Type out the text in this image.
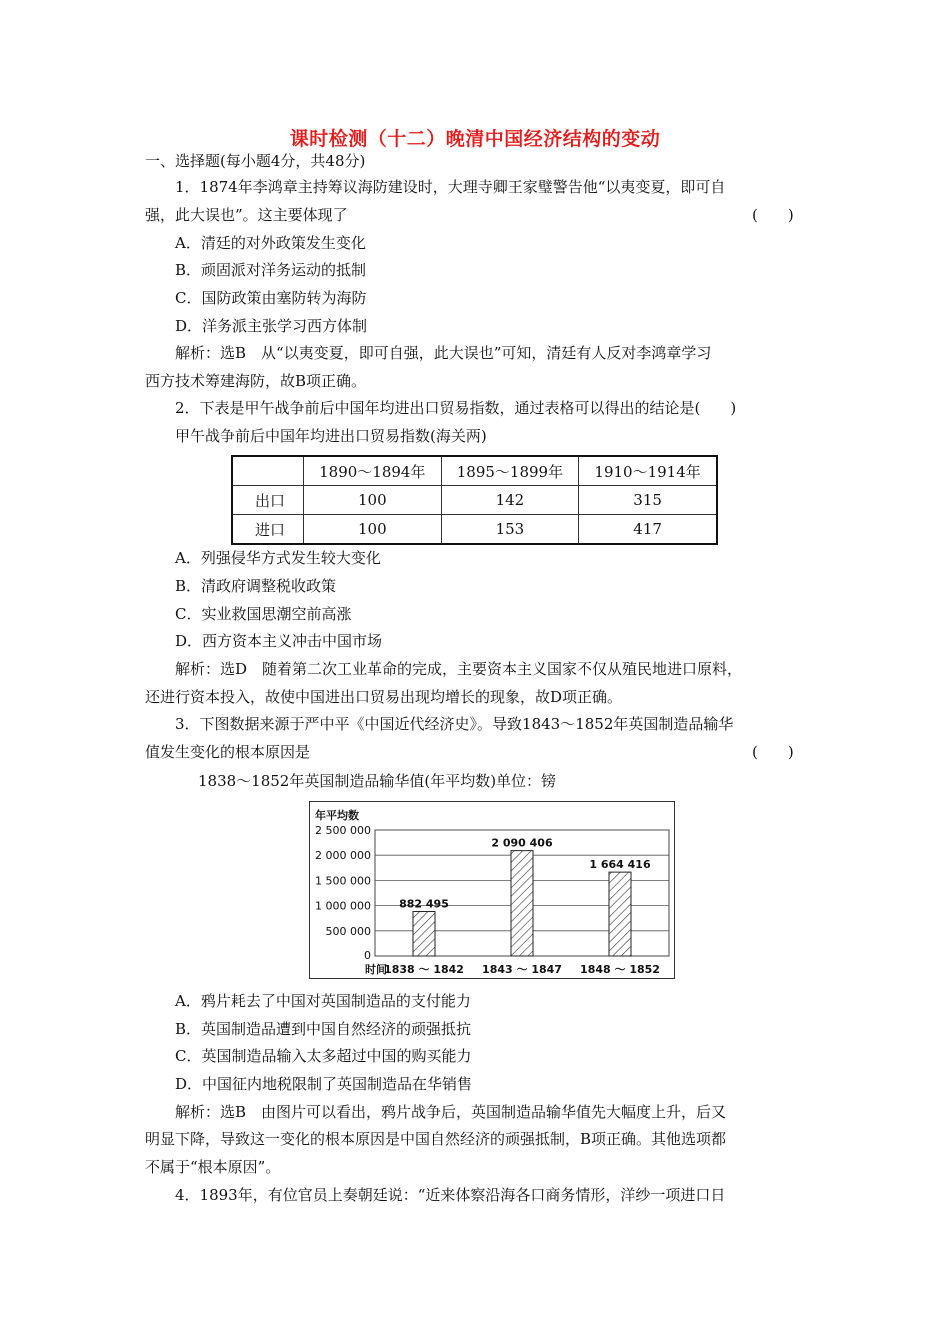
课时检测（十二）晚清中国经济结构的变动
一、选择题(每小题4分，共48分)
1．1874年李鸿章主持筹议海防建设时，大理寺卿王家璧警告他“以夷变夏，即可自
强，此大误也”。这主要体现了	(　　)
A．清廷的对外政策发生变化
B．顽固派对洋务运动的抵制
C．国防政策由塞防转为海防
D．洋务派主张学习西方体制
解析：选B　从“以夷变夏，即可自强，此大误也”可知，清廷有人反对李鸿章学习
西方技术筹建海防，故B项正确。
2．下表是甲午战争前后中国年均进出口贸易指数，通过表格可以得出的结论是(　　)
甲午战争前后中国年均进出口贸易指数(海关两)
	1890～1894年	1895～1899年	1910～1914年
出口	100	142	315
进口	100	153	417
A．列强侵华方式发生较大变化
B．清政府调整税收政策
C．实业救国思潮空前高涨
D．西方资本主义冲击中国市场
解析：选D　随着第二次工业革命的完成，主要资本主义国家不仅从殖民地进口原料，
还进行资本投入，故使中国进出口贸易出现均增长的现象，故D项正确。
3．下图数据来源于严中平《中国近代经济史》。导致1843～1852年英国制造品输华
值发生变化的根本原因是	(　　)
1838～1852年英国制造品输华值(年平均数)单位：镑
0
500 000
1 000 000
1 500 000
2 000 000
2 500 000
年平均数
时间
882 495
1838 ～ 1842
2 090 406
1843 ～ 1847
1 664 416
1848 ～ 1852
A．鸦片耗去了中国对英国制造品的支付能力
B．英国制造品遭到中国自然经济的顽强抵抗
C．英国制造品输入太多超过中国的购买能力
D．中国征内地税限制了英国制造品在华销售
解析：选B　由图片可以看出，鸦片战争后，英国制造品输华值先大幅度上升，后又
明显下降，导致这一变化的根本原因是中国自然经济的顽强抵制，B项正确。其他选项都
不属于“根本原因”。
4．1893年，有位官员上奏朝廷说：“近来体察沿海各口商务情形，洋纱一项进口日
